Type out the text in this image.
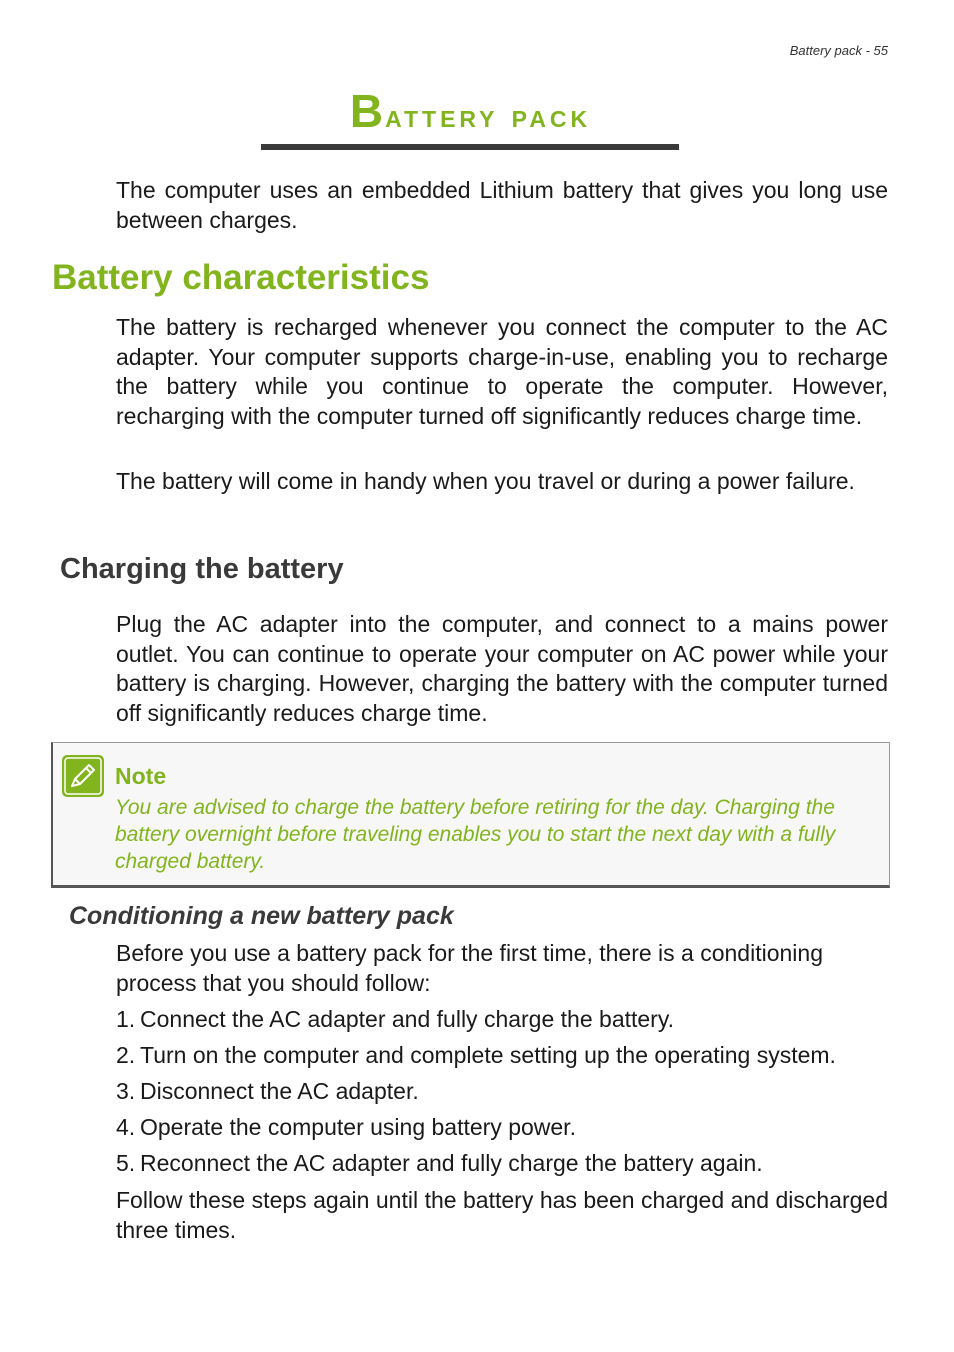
Battery pack - 55
Battery pack

The computer uses an embedded Lithium battery that gives you long use between charges.

Battery characteristics

The battery is recharged whenever you connect the computer to the AC adapter. Your computer supports charge-in-use, enabling you to recharge the battery while you continue to operate the computer. However, recharging with the computer turned off significantly reduces charge time.

The battery will come in handy when you travel or during a power failure.

Charging the battery

Plug the AC adapter into the computer, and connect to a mains power outlet. You can continue to operate your computer on AC power while your battery is charging. However, charging the battery with the computer turned off significantly reduces charge time.

Note

You are advised to charge the battery before retiring for the day. Charging the battery overnight before traveling enables you to start the next day with a fully charged battery.

Conditioning a new battery pack

Before you use a battery pack for the first time, there is a conditioning process that you should follow:

1. Connect the AC adapter and fully charge the battery.
2. Turn on the computer and complete setting up the operating system.
3. Disconnect the AC adapter.
4. Operate the computer using battery power.
5. Reconnect the AC adapter and fully charge the battery again.

Follow these steps again until the battery has been charged and discharged three times.
